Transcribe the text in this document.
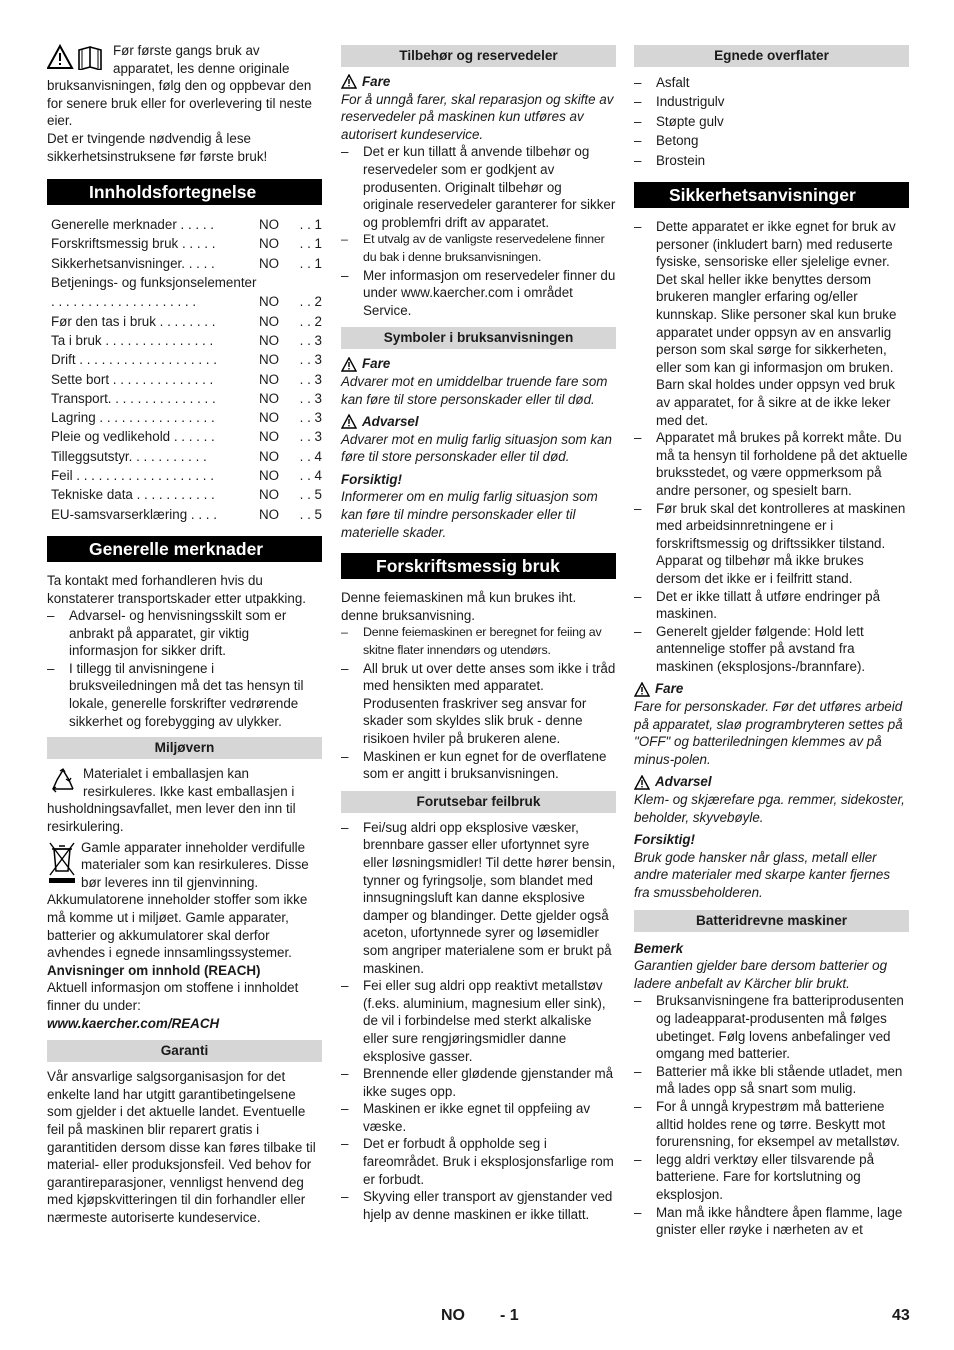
Før første gangs bruk av apparatet, les denne originale bruksanvisningen, følg den og oppbevar den for senere bruk eller for overlevering til neste eier.

Det er tvingende nødvendig å lese sikkerhetsinstruksene før første bruk!

Innholdsfortegnelse
Generelle merknader . . . . .	NO	. . 1
Forskriftsmessig bruk . . . . .	NO	. . 1
Sikkerhetsanvisninger. . . . .	NO	. . 1
Betjenings- og funksjonselementer . . . . . . . . . . . . . . . . . . . .	NO	. . 2
Før den tas i bruk . . . . . . . .	NO	. . 2
Ta i bruk . . . . . . . . . . . . . . .	NO	. . 3
Drift . . . . . . . . . . . . . . . . . . .	NO	. . 3
Sette bort . . . . . . . . . . . . . .	NO	. . 3
Transport. . . . . . . . . . . . . . .	NO	. . 3
Lagring . . . . . . . . . . . . . . . .	NO	. . 3
Pleie og vedlikehold . . . . . .	NO	. . 3
Tilleggsutstyr. . . . . . . . . . .	NO	. . 4
Feil . . . . . . . . . . . . . . . . . . .	NO	. . 4
Tekniske data . . . . . . . . . . .	NO	. . 5
EU-samsvarserklæring . . . .	NO	. . 5
Generelle merknader

Ta kontakt med forhandleren hvis du konstaterer transportskader etter utpakking.

– Advarsel- og henvisningsskilt som er anbrakt på apparatet, gir viktig informasjon for sikker drift.
– I tillegg til anvisningene i bruksveiledningen må det tas hensyn til lokale, generelle forskrifter vedrørende sikkerhet og forebygging av ulykker.
Miljøvern

Materialet i emballasjen kan resirkuleres. Ikke kast emballasjen i husholdningsavfallet, men lever den inn til resirkulering.

Gamle apparater inneholder verdifulle materialer som kan resirkuleres. Disse bør leveres inn til gjenvinning. Akkumulatorene inneholder stoffer som ikke må komme ut i miljøet. Gamle apparater, batterier og akkumulatorer skal derfor avhendes i egnede innsamlingssystemer.

Anvisninger om innhold (REACH)

Aktuell informasjon om stoffene i innholdet finner du under:

www.kaercher.com/REACH

Garanti

Vår ansvarlige salgsorganisasjon for det enkelte land har utgitt garantibetingelsene som gjelder i det aktuelle landet. Eventuelle feil på maskinen blir reparert gratis i garantitiden dersom disse kan føres tilbake til material- eller produksjonsfeil. Ved behov for garantireparasjoner, vennligst henvend deg med kjøpskvitteringen til din forhandler eller nærmeste autoriserte kundeservice.

Tilbehør og reservedeler
Fare

For å unngå farer, skal reparasjon og skifte av reservedeler på maskinen kun utføres av autorisert kundeservice.

– Det er kun tillatt å anvende tilbehør og reservedeler som er godkjent av produsenten. Originalt tilbehør og originale reservedeler garanterer for sikker og problemfri drift av apparatet.
– Et utvalg av de vanligste reservedelene finner du bak i denne bruksanvisningen.
– Mer informasjon om reservedeler finner du under www.kaercher.com i området Service.
Symboler i bruksanvisningen
Fare

Advarer mot en umiddelbar truende fare som kan føre til store personskader eller til død.

Advarsel

Advarer mot en mulig farlig situasjon som kan føre til store personskader eller til død.

Forsiktig!

Informerer om en mulig farlig situasjon som kan føre til mindre personskader eller til materielle skader.

Forskriftsmessig bruk

Denne feiemaskinen må kun brukes iht. denne bruksanvisning.

– Denne feiemaskinen er beregnet for feiing av skitne flater innendørs og utendørs.
– All bruk ut over dette anses som ikke i tråd med hensikten med apparatet. Produsenten fraskriver seg ansvar for skader som skyldes slik bruk - denne risikoen hviler på brukeren alene.
– Maskinen er kun egnet for de overflatene som er angitt i bruksanvisningen.
Forutsebar feilbruk
– Fei/sug aldri opp eksplosive væsker, brennbare gasser eller ufortynnet syre eller løsningsmidler! Til dette hører bensin, tynner og fyringsolje, som blandet med innsugningsluft kan danne eksplosive damper og blandinger. Dette gjelder også aceton, ufortynnede syrer og løsemidler som angriper materialene som er brukt på maskinen.
– Fei eller sug aldri opp reaktivt metallstøv (f.eks. aluminium, magnesium eller sink), de vil i forbindelse med sterkt alkaliske eller sure rengjøringsmidler danne eksplosive gasser.
– Brennende eller glødende gjenstander må ikke suges opp.
– Maskinen er ikke egnet til oppfeiing av væske.
– Det er forbudt å oppholde seg i fareområdet. Bruk i eksplosjonsfarlige rom er forbudt.
– Skyving eller transport av gjenstander ved hjelp av denne maskinen er ikke tillatt.
Egnede overflater
– Asfalt
– Industrigulv
– Støpte gulv
– Betong
– Brostein
Sikkerhetsanvisninger
– Dette apparatet er ikke egnet for bruk av personer (inkludert barn) med reduserte fysiske, sensoriske eller sjelelige evner. Det skal heller ikke benyttes dersom brukeren mangler erfaring og/eller kunnskap. Slike personer skal kun bruke apparatet under oppsyn av en ansvarlig person som skal sørge for sikkerheten, eller som kan gi informasjon om bruken. Barn skal holdes under oppsyn ved bruk av apparatet, for å sikre at de ikke leker med det.
– Apparatet må brukes på korrekt måte. Du må ta hensyn til forholdene på det aktuelle bruksstedet, og være oppmerksom på andre personer, og spesielt barn.
– Før bruk skal det kontrolleres at maskinen med arbeidsinnretningene er i forskriftsmessig og driftssikker tilstand. Apparat og tilbehør må ikke brukes dersom det ikke er i feilfritt stand.
– Det er ikke tillatt å utføre endringer på maskinen.
– Generelt gjelder følgende: Hold lett antennelige stoffer på avstand fra maskinen (eksplosjons-/brannfare).
Fare

Fare for personskader. Før det utføres arbeid på apparatet, slaø programbryteren settes på "OFF" og batteriledningen klemmes av på minus-polen.

Advarsel

Klem- og skjærefare pga. remmer, sidekoster, beholder, skyvebøyle.

Forsiktig!

Bruk gode hansker når glass, metall eller andre materialer med skarpe kanter fjernes fra smussbeholderen.

Batteridrevne maskiner
Bemerk

Garantien gjelder bare dersom batterier og ladere anbefalt av Kärcher blir brukt.

– Bruksanvisningene fra batteriprodusenten og ladeapparat-produsenten må følges ubetinget. Følg lovens anbefalinger ved omgang med batterier.
– Batterier må ikke bli stående utladet, men må lades opp så snart som mulig.
– For å unngå krypestrøm må batteriene alltid holdes rene og tørre. Beskytt mot forurensning, for eksempel av metallstøv.
– legg aldri verktøy eller tilsvarende på batteriene. Fare for kortslutning og eksplosjon.
– Man må ikke håndtere åpen flamme, lage gnister eller røyke i nærheten av et
NO - 1	43
